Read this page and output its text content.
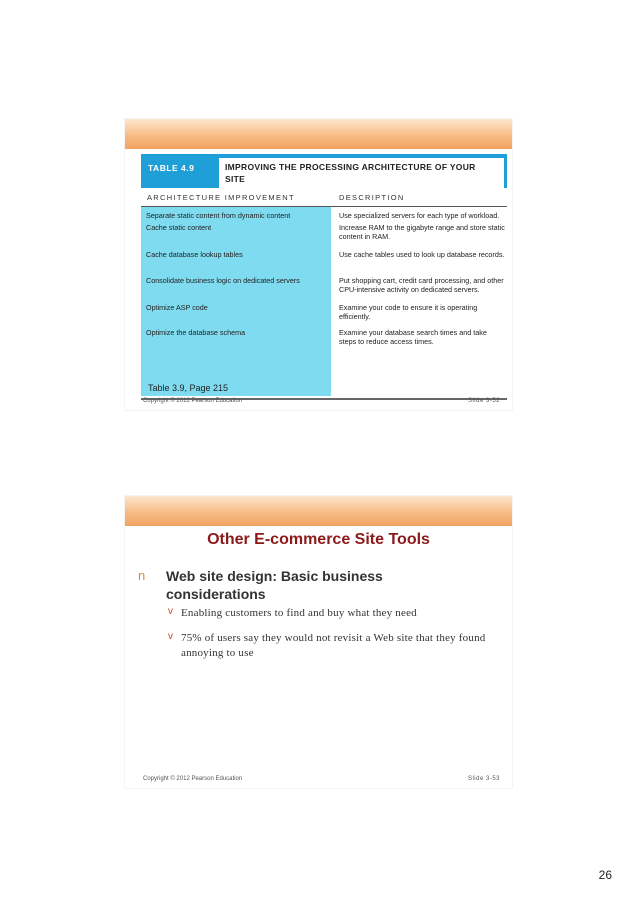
TABLE 4.9	IMPROVING THE PROCESSING ARCHITECTURE OF YOUR SITE
ARCHITECTURE IMPROVEMENT	DESCRIPTION
Separate static content from dynamic content	Use specialized servers for each type of workload.
Cache static content	Increase RAM to the gigabyte range and store static content in RAM.
Cache database lookup tables	Use cache tables used to look up database records.
Consolidate business logic on dedicated servers	Put shopping cart, credit card processing, and other CPU-intensive activity on dedicated servers.
Optimize ASP code	Examine your code to ensure it is operating efficiently.
Optimize the database schema	Examine your database search times and take steps to reduce access times.
Table 3.9, Page 215
Copyright © 2012 Pearson Education	Slide 3-52
Other E-commerce Site Tools
n Web site design: Basic business considerations
v Enabling customers to find and buy what they need
v 75% of users say they would not revisit a Web site that they found annoying to use
Copyright © 2012 Pearson Education	Slide 3-53
26
